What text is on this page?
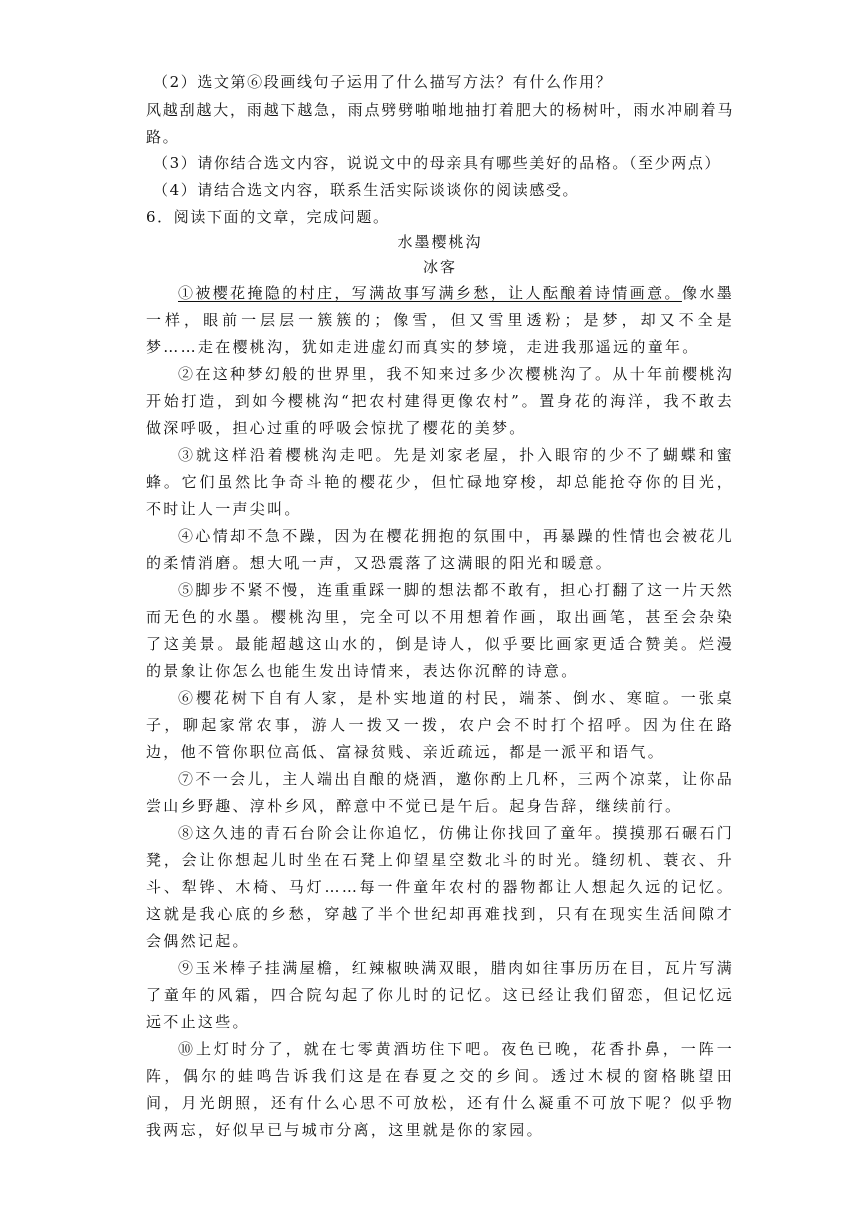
（2）选文第⑥段画线句子运用了什么描写方法？有什么作用？
风越刮越大，雨越下越急，雨点劈劈啪啪地抽打着肥大的杨树叶，雨水冲刷着马路。
（3）请你结合选文内容，说说文中的母亲具有哪些美好的品格。（至少两点）
（4）请结合选文内容，联系生活实际谈谈你的阅读感受。
6．阅读下面的文章，完成问题。
水墨樱桃沟
冰客
①被樱花掩隐的村庄，写满故事写满乡愁，让人酝酿着诗情画意。像水墨一样，眼前一层层一簇簇的；像雪，但又雪里透粉；是梦，却又不全是梦……走在樱桃沟，犹如走进虚幻而真实的梦境，走进我那遥远的童年。
②在这种梦幻般的世界里，我不知来过多少次樱桃沟了。从十年前樱桃沟开始打造，到如今樱桃沟“把农村建得更像农村”。置身花的海洋，我不敢去做深呼吸，担心过重的呼吸会惊扰了樱花的美梦。
③就这样沿着樱桃沟走吧。先是刘家老屋，扑入眼帘的少不了蝴蝶和蜜蜂。它们虽然比争奇斗艳的樱花少，但忙碌地穿梭，却总能抢夺你的目光，不时让人一声尖叫。
④心情却不急不躁，因为在樱花拥抱的氛围中，再暴躁的性情也会被花儿的柔情消磨。想大吼一声，又恐震落了这满眼的阳光和暖意。
⑤脚步不紧不慢，连重重踩一脚的想法都不敢有，担心打翻了这一片天然而无色的水墨。樱桃沟里，完全可以不用想着作画，取出画笔，甚至会杂染了这美景。最能超越这山水的，倒是诗人，似乎要比画家更适合赞美。烂漫的景象让你怎么也能生发出诗情来，表达你沉醉的诗意。
⑥樱花树下自有人家，是朴实地道的村民，端茶、倒水、寒暄。一张桌子，聊起家常农事，游人一拨又一拨，农户会不时打个招呼。因为住在路边，他不管你职位高低、富禄贫贱、亲近疏远，都是一派平和语气。
⑦不一会儿，主人端出自酿的烧酒，邀你酌上几杯，三两个凉菜，让你品尝山乡野趣、淳朴乡风，醉意中不觉已是午后。起身告辞，继续前行。
⑧这久违的青石台阶会让你追忆，仿佛让你找回了童年。摸摸那石碾石门凳，会让你想起儿时坐在石凳上仰望星空数北斗的时光。缝纫机、蓑衣、升斗、犁铧、木椅、马灯……每一件童年农村的器物都让人想起久远的记忆。这就是我心底的乡愁，穿越了半个世纪却再难找到，只有在现实生活间隙才会偶然记起。
⑨玉米棒子挂满屋檐，红辣椒映满双眼，腊肉如往事历历在目，瓦片写满了童年的风霜，四合院勾起了你儿时的记忆。这已经让我们留恋，但记忆远远不止这些。
⑩上灯时分了，就在七零黄酒坊住下吧。夜色已晚，花香扑鼻，一阵一阵，偶尔的蛙鸣告诉我们这是在春夏之交的乡间。透过木棂的窗格眺望田间，月光朗照，还有什么心思不可放松，还有什么凝重不可放下呢？似乎物我两忘，好似早已与城市分离，这里就是你的家园。
